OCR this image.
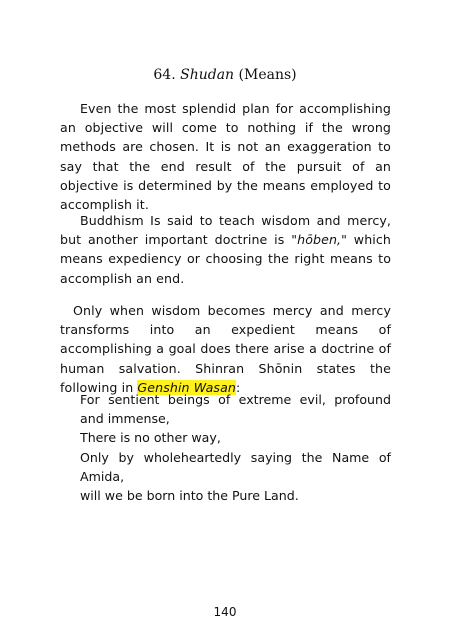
64. Shudan (Means)
Even the most splendid plan for accomplishing an objective will come to nothing if the wrong methods are chosen. It is not an exaggeration to say that the end result of the pursuit of an objective is determined by the means employed to accomplish it.
Buddhism Is said to teach wisdom and mercy, but another important doctrine is "hōben," which means expediency or choosing the right means to accomplish an end.
Only when wisdom becomes mercy and mercy transforms into an expedient means of accomplishing a goal does there arise a doctrine of human salvation. Shinran Shōnin states the following in Genshin Wasan:
For sentient beings of extreme evil, profound and immense,
There is no other way,
Only by wholeheartedly saying the Name of Amida,
will we be born into the Pure Land.
140
